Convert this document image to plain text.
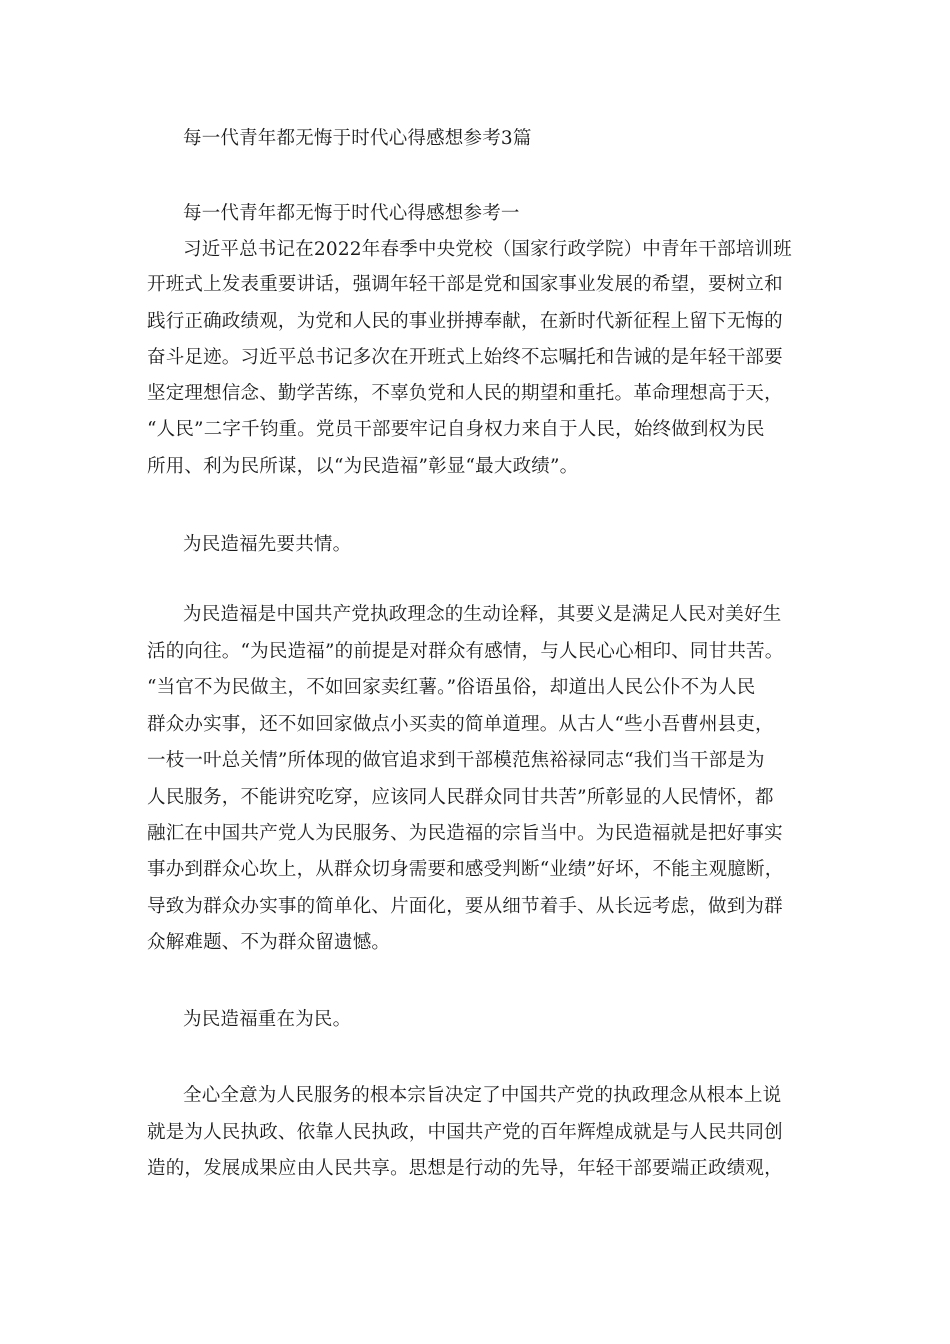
每一代青年都无悔于时代心得感想参考3篇
每一代青年都无悔于时代心得感想参考一
习近平总书记在2022年春季中央党校（国家行政学院）中青年干部培训班
开班式上发表重要讲话，强调年轻干部是党和国家事业发展的希望，要树立和
践行正确政绩观，为党和人民的事业拼搏奉献，在新时代新征程上留下无悔的
奋斗足迹。习近平总书记多次在开班式上始终不忘嘱托和告诫的是年轻干部要
坚定理想信念、勤学苦练，不辜负党和人民的期望和重托。革命理想高于天，
“人民”二字千钧重。党员干部要牢记自身权力来自于人民，始终做到权为民
所用、利为民所谋，以“为民造福”彰显“最大政绩”。
为民造福先要共情。
为民造福是中国共产党执政理念的生动诠释，其要义是满足人民对美好生
活的向往。“为民造福”的前提是对群众有感情，与人民心心相印、同甘共苦。
“当官不为民做主，不如回家卖红薯。”俗语虽俗，却道出人民公仆不为人民
群众办实事，还不如回家做点小买卖的简单道理。从古人“些小吾曹州县吏，
一枝一叶总关情”所体现的做官追求到干部模范焦裕禄同志“我们当干部是为
人民服务，不能讲究吃穿，应该同人民群众同甘共苦”所彰显的人民情怀，都
融汇在中国共产党人为民服务、为民造福的宗旨当中。为民造福就是把好事实
事办到群众心坎上，从群众切身需要和感受判断“业绩”好坏，不能主观臆断，
导致为群众办实事的简单化、片面化，要从细节着手、从长远考虑，做到为群
众解难题、不为群众留遗憾。
为民造福重在为民。
全心全意为人民服务的根本宗旨决定了中国共产党的执政理念从根本上说
就是为人民执政、依靠人民执政，中国共产党的百年辉煌成就是与人民共同创
造的，发展成果应由人民共享。思想是行动的先导，年轻干部要端正政绩观，
